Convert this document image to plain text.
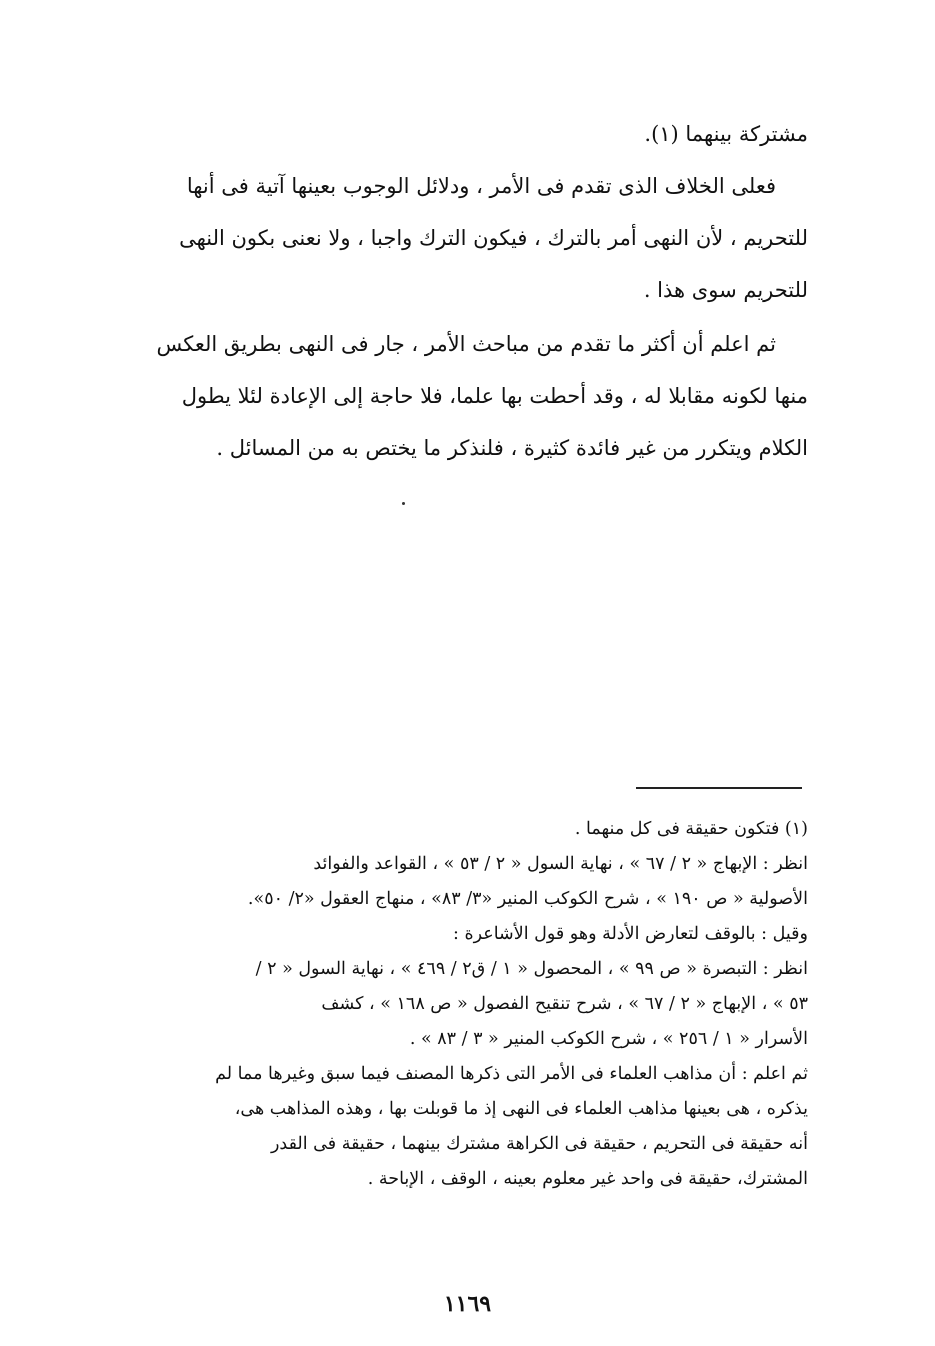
مشتركة بينهما (١).
فعلى الخلاف الذى تقدم فى الأمر ، ودلائل الوجوب بعينها آتية فى أنها
للتحريم ، لأن النهى أمر بالترك ، فيكون الترك واجبا ، ولا نعنى بكون النهى
للتحريم سوى هذا .
ثم اعلم أن أكثر ما تقدم من مباحث الأمر ، جار فى النهى بطريق العكس
منها لكونه مقابلا له ، وقد أحطت بها علما، فلا حاجة إلى الإعادة لئلا يطول
الكلام ويتكرر من غير فائدة كثيرة ، فلنذكر ما يختص به من المسائل .
(١) فتكون حقيقة فى كل منهما .
انظر : الإبهاج « ٢ / ٦٧ » ، نهاية السول « ٢ / ٥٣ » ، القواعد والفوائد
الأصولية « ص ١٩٠ » ، شرح الكوكب المنير «٣/ ٨٣» ، منهاج العقول «٢/ ٥٠».
وقيل : بالوقف لتعارض الأدلة وهو قول الأشاعرة :
انظر : التبصرة « ص ٩٩ » ، المحصول « ١ / ق٢ / ٤٦٩ » ، نهاية السول « ٢ /
٥٣ » ، الإبهاج « ٢ / ٦٧ » ، شرح تنقيح الفصول « ص ١٦٨ » ، كشف
الأسرار « ١ / ٢٥٦ » ، شرح الكوكب المنير « ٣ / ٨٣ » .
ثم اعلم : أن مذاهب العلماء فى الأمر التى ذكرها المصنف فيما سبق وغيرها مما لم
يذكره ، هى بعينها مذاهب العلماء فى النهى إذ ما قوبلت بها ، وهذه المذاهب هى،
أنه حقيقة فى التحريم ، حقيقة فى الكراهة مشترك بينهما ، حقيقة فى القدر
المشترك، حقيقة فى واحد غير معلوم بعينه ، الوقف ، الإباحة .
١١٦٩
